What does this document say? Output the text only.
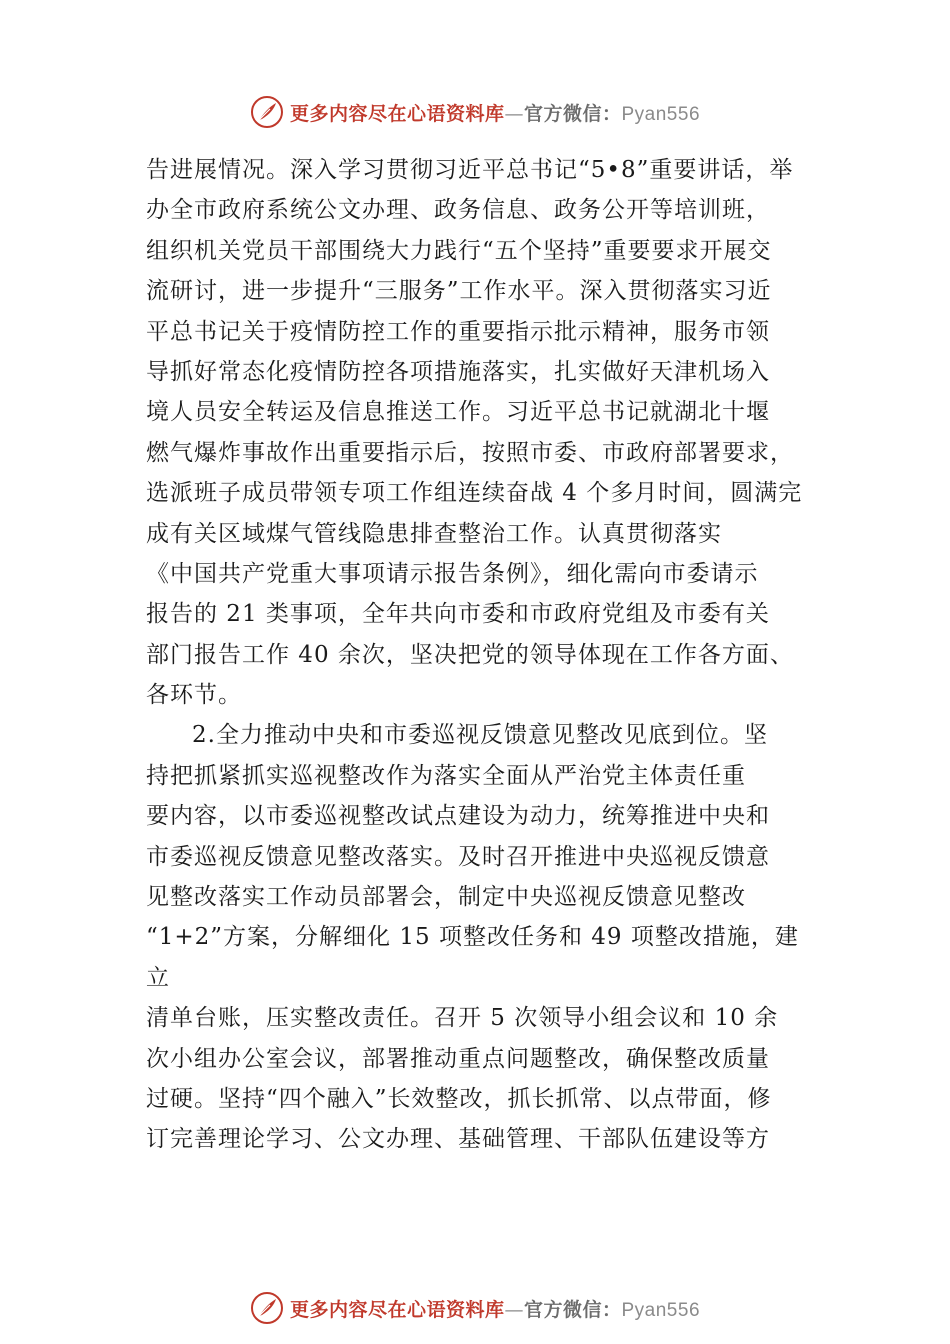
更多内容尽在心语资料库—官方微信：Pyan556
告进展情况。深入学习贯彻习近平总书记“5•8”重要讲话，举
办全市政府系统公文办理、政务信息、政务公开等培训班，
组织机关党员干部围绕大力践行“五个坚持”重要要求开展交
流研讨，进一步提升“三服务”工作水平。深入贯彻落实习近
平总书记关于疫情防控工作的重要指示批示精神，服务市领
导抓好常态化疫情防控各项措施落实，扎实做好天津机场入
境人员安全转运及信息推送工作。习近平总书记就湖北十堰
燃气爆炸事故作出重要指示后，按照市委、市政府部署要求，
选派班子成员带领专项工作组连续奋战 4 个多月时间，圆满完
成有关区域煤气管线隐患排查整治工作。认真贯彻落实
《中国共产党重大事项请示报告条例》，细化需向市委请示
报告的 21 类事项，全年共向市委和市政府党组及市委有关
部门报告工作 40 余次，坚决把党的领导体现在工作各方面、
各环节。
2.全力推动中央和市委巡视反馈意见整改见底到位。坚
持把抓紧抓实巡视整改作为落实全面从严治党主体责任重
要内容，以市委巡视整改试点建设为动力，统筹推进中央和
市委巡视反馈意见整改落实。及时召开推进中央巡视反馈意
见整改落实工作动员部署会，制定中央巡视反馈意见整改
“1+2”方案，分解细化 15 项整改任务和 49 项整改措施，建
立
清单台账，压实整改责任。召开 5 次领导小组会议和 10 余
次小组办公室会议，部署推动重点问题整改，确保整改质量
过硬。坚持“四个融入”长效整改，抓长抓常、以点带面，修
订完善理论学习、公文办理、基础管理、干部队伍建设等方
更多内容尽在心语资料库—官方微信：Pyan556
